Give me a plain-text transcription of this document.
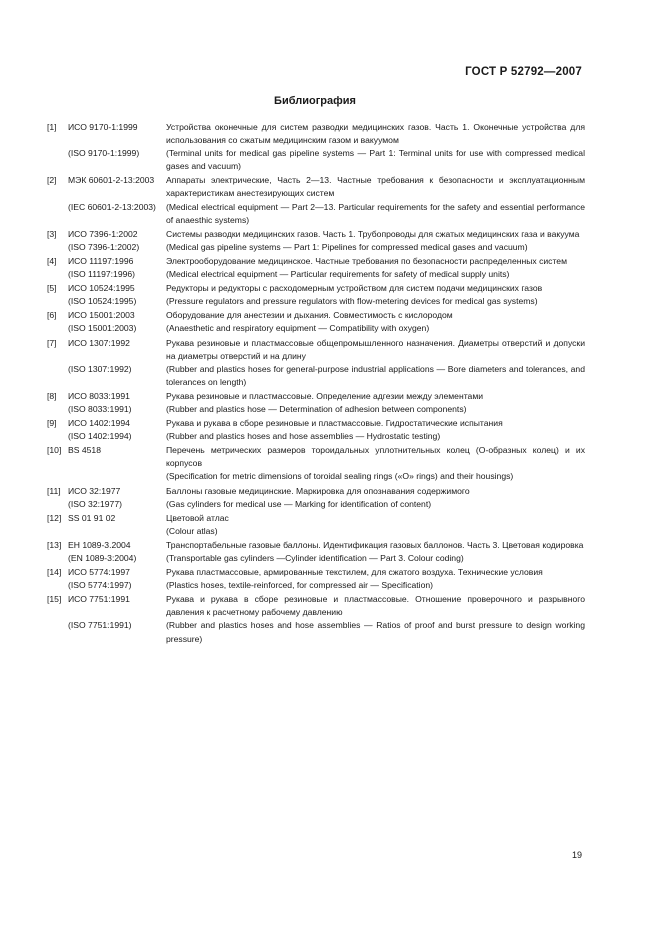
ГОСТ Р 52792—2007
Библиография
[1]	ИСО 9170-1:1999	Устройства оконечные для систем разводки медицинских газов. Часть 1. Оконечные устройства для использования со сжатым медицинским газом и вакуумом
(ISO 9170-1:1999)	(Terminal units for medical gas pipeline systems — Part 1: Terminal units for use with compressed medical gases and vacuum)
[2]	МЭК 60601-2-13:2003	Аппараты электрические, Часть 2—13. Частные требования к безопасности и эксплуатационным характеристикам анестезирующих систем
(IEC 60601-2-13:2003)	(Medical electrical equipment — Part 2—13. Particular requirements for the safety and essential performance of anaesthic systems)
[3]	ИСО 7396-1:2002	Системы разводки медицинских газов. Часть 1. Трубопроводы для сжатых медицинских газа и вакуума
(ISO 7396-1:2002)	(Medical gas pipeline systems — Part 1: Pipelines for compressed medical gases and vacuum)
[4]	ИСО 11197:1996	Электрооборудование медицинское. Частные требования по безопасности распределенных систем
(ISO 11197:1996)	(Medical electrical equipment — Particular requirements for safety of medical supply units)
[5]	ИСО 10524:1995	Редукторы и редукторы с расходомерным устройством для систем подачи медицинских газов
(ISO 10524:1995)	(Pressure regulators and pressure regulators with flow-metering devices for medical gas systems)
[6]	ИСО 15001:2003	Оборудование для анестезии и дыхания. Совместимость с кислородом
(ISO 15001:2003)	(Anaesthetic and respiratory equipment — Compatibility with oxygen)
[7]	ИСО 1307:1992	Рукава резиновые и пластмассовые общепромышленного назначения. Диаметры отверстий и допуски на диаметры отверстий и на длину
(ISO 1307:1992)	(Rubber and plastics hoses for general-purpose industrial applications — Bore diameters and tolerances, and tolerances on length)
[8]	ИСО 8033:1991	Рукава резиновые и пластмассовые. Определение адгезии между элементами
(ISO 8033:1991)	(Rubber and plastics hose — Determination of adhesion between components)
[9]	ИСО 1402:1994	Рукава и рукава в сборе резиновые и пластмассовые. Гидростатические испытания
(ISO 1402:1994)	(Rubber and plastics hoses and hose assemblies — Hydrostatic testing)
[10] BS 4518	Перечень метрических размеров тороидальных уплотнительных колец (О-образных колец) и их корпусов
(Specification for metric dimensions of toroidal sealing rings («O» rings) and their housings)
[11] ИСО 32:1977	Баллоны газовые медицинские. Маркировка для опознавания содержимого
(ISO 32:1977)	(Gas cylinders for medical use — Marking for identification of content)
[12] SS 01 91 02	Цветовой атлас
(Colour atlas)
[13] EH 1089-3.2004	Транспортабельные газовые баллоны. Идентификация газовых баллонов. Часть 3. Цветовая кодировка
(EN 1089-3:2004)	(Transportable gas cylinders —Cylinder identification — Part 3. Colour coding)
[14] ИСО 5774:1997	Рукава пластмассовые, армированные текстилем, для сжатого воздуха. Технические условия
(ISO 5774:1997)	(Plastics hoses, textile-reinforced, for compressed air — Specification)
[15] ИСО 7751:1991	Рукава и рукава в сборе резиновые и пластмассовые. Отношение проверочного и разрывного давления к расчетному рабочему давлению
(ISO 7751:1991)	(Rubber and plastics hoses and hose assemblies — Ratios of proof and burst pressure to design working pressure)
19
